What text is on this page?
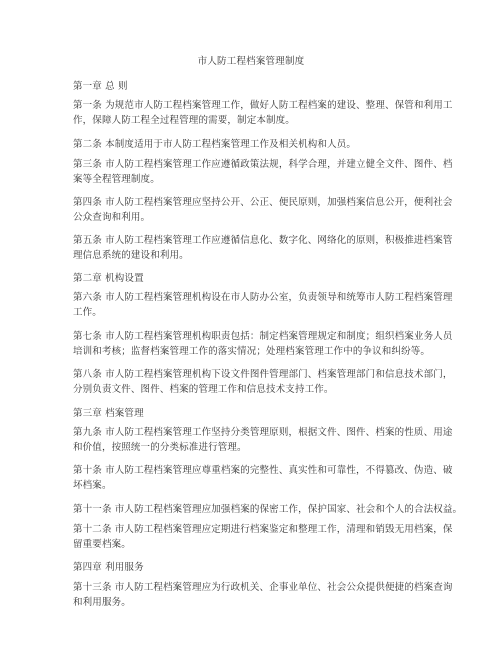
市人防工程档案管理制度
第一章 总 则
第一条 为规范市人防工程档案管理工作，做好人防工程档案的建设、整理、保管和利用工
作，保障人防工程全过程管理的需要，制定本制度。
第二条 本制度适用于市人防工程档案管理工作及相关机构和人员。
第三条 市人防工程档案管理工作应遵循政策法规，科学合理，并建立健全文件、图件、档
案等全程管理制度。
第四条 市人防工程档案管理应坚持公开、公正、便民原则，加强档案信息公开，便利社会
公众查询和利用。
第五条 市人防工程档案管理工作应遵循信息化、数字化、网络化的原则，积极推进档案管
理信息系统的建设和利用。
第二章 机构设置
第六条 市人防工程档案管理机构设在市人防办公室，负责领导和统筹市人防工程档案管理
工作。
第七条 市人防工程档案管理机构职责包括：制定档案管理规定和制度；组织档案业务人员
培训和考核；监督档案管理工作的落实情况；处理档案管理工作中的争议和纠纷等。
第八条 市人防工程档案管理机构下设文件图件管理部门、档案管理部门和信息技术部门，
分别负责文件、图件、档案的管理工作和信息技术支持工作。
第三章 档案管理
第九条 市人防工程档案管理工作坚持分类管理原则，根据文件、图件、档案的性质、用途
和价值，按照统一的分类标准进行管理。
第十条 市人防工程档案管理应尊重档案的完整性、真实性和可靠性，不得篡改、伪造、破
坏档案。
第十一条 市人防工程档案管理应加强档案的保密工作，保护国家、社会和个人的合法权益。
第十二条 市人防工程档案管理应定期进行档案鉴定和整理工作，清理和销毁无用档案，保
留重要档案。
第四章 利用服务
第十三条 市人防工程档案管理应为行政机关、企事业单位、社会公众提供便捷的档案查询
和利用服务。
